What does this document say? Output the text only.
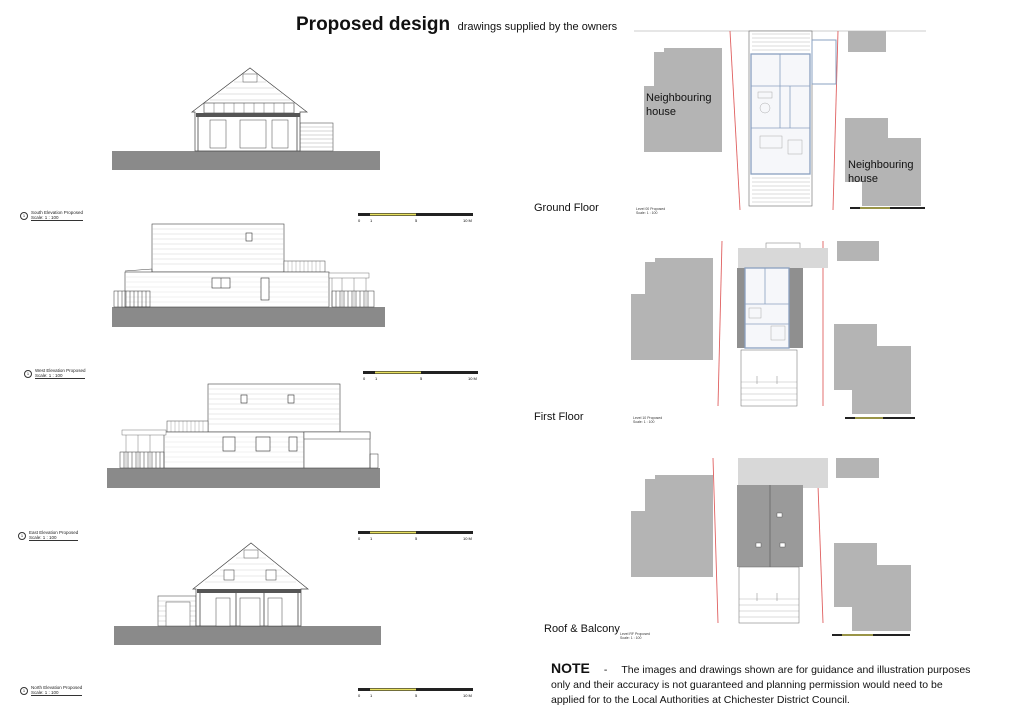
Proposed design drawings supplied by the owners
1 South Elevation Proposed
Scale: 1 : 100
0 1	5	10 M
1 West Elevation Proposed
Scale: 1 : 100
0 1	5	10 M
1 East Elevation Proposed
Scale: 1 : 100	0 1	5	10 M
1 North Elevation Proposed
Scale: 1 : 100
0 1	5	10 M
Neighbouring house
Neighbouring house
Ground Floor	Level 00 Proposed
Scale: 1 : 100
First Floor	Level 10 Proposed
Scale: 1 : 100
Roof & Balcony Level RF Proposed
Scale: 1 : 100
NOTE - The images and drawings shown are for guidance and illustration purposes only and their accuracy is not guaranteed and planning permission would need to be applied for to the Local Authorities at Chichester District Council.
